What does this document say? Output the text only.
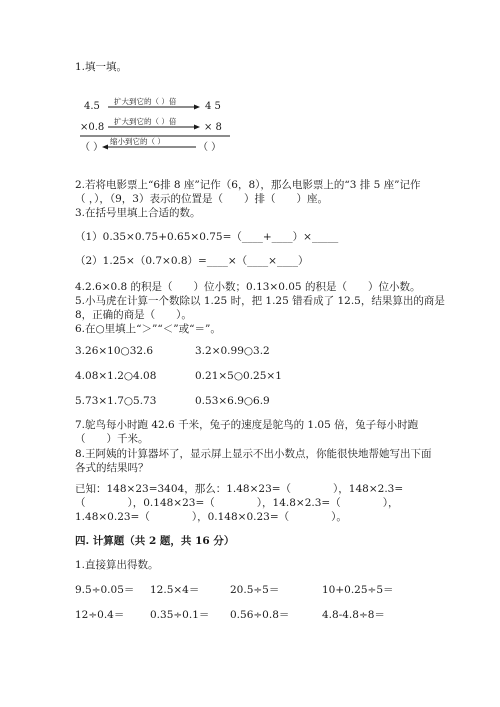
1.填一填。
4.5 扩大到它的（ ）倍	4 5
×0.8
扩大到它的（ ）倍
× 8
缩小到它的（ ）
（ ）	（ ）
2.若将电影票上“6排 8 座”记作（6，8），那么电影票上的“3 排 5 座”记作
（ ，），（9，3）表示的位置是（　　）排（　　）座。
3.在括号里填上合适的数。
（1）0.35×0.75+0.65×0.75=（____+____）×_____
（2）1.25×（0.7×0.8）=____×（____×____）
4.2.6×0.8 的积是（　　）位小数；0.13×0.05 的积是（　　）位小数。
5.小马虎在计算一个数除以 1.25 时，把 1.25 错看成了 12.5，结果算出的商是
8，正确的商是（　　）。
6.在○里填上“＞”“＜”或“＝”。
3.26×10○32.6	3.2×0.99○3.2
4.08×1.2○4.08	0.21×5○0.25×1
5.73×1.7○5.73	0.53×6.9○6.9
7.鸵鸟每小时跑 42.6 千米，兔子的速度是鸵鸟的 1.05 倍，兔子每小时跑
（　　）千米。
8.王阿姨的计算器坏了，显示屏上显示不出小数点，你能很快地帮她写出下面
各式的结果吗？
已知：148×23=3404，那么：1.48×23=（　　　　），148×2.3=
（　　　　），0.148×23=（　　　　），14.8×2.3=（　　　　），
1.48×0.23=（　　　　），0.148×0.23=（　　　　）。
四. 计算题（共 2 题，共 16 分）
1.直接算出得数。
9.5÷0.05＝ 12.5×4＝	20.5÷5＝	10+0.25÷5＝
12÷0.4＝ 0.35÷0.1＝ 0.56÷0.8＝	4.8-4.8÷8＝
